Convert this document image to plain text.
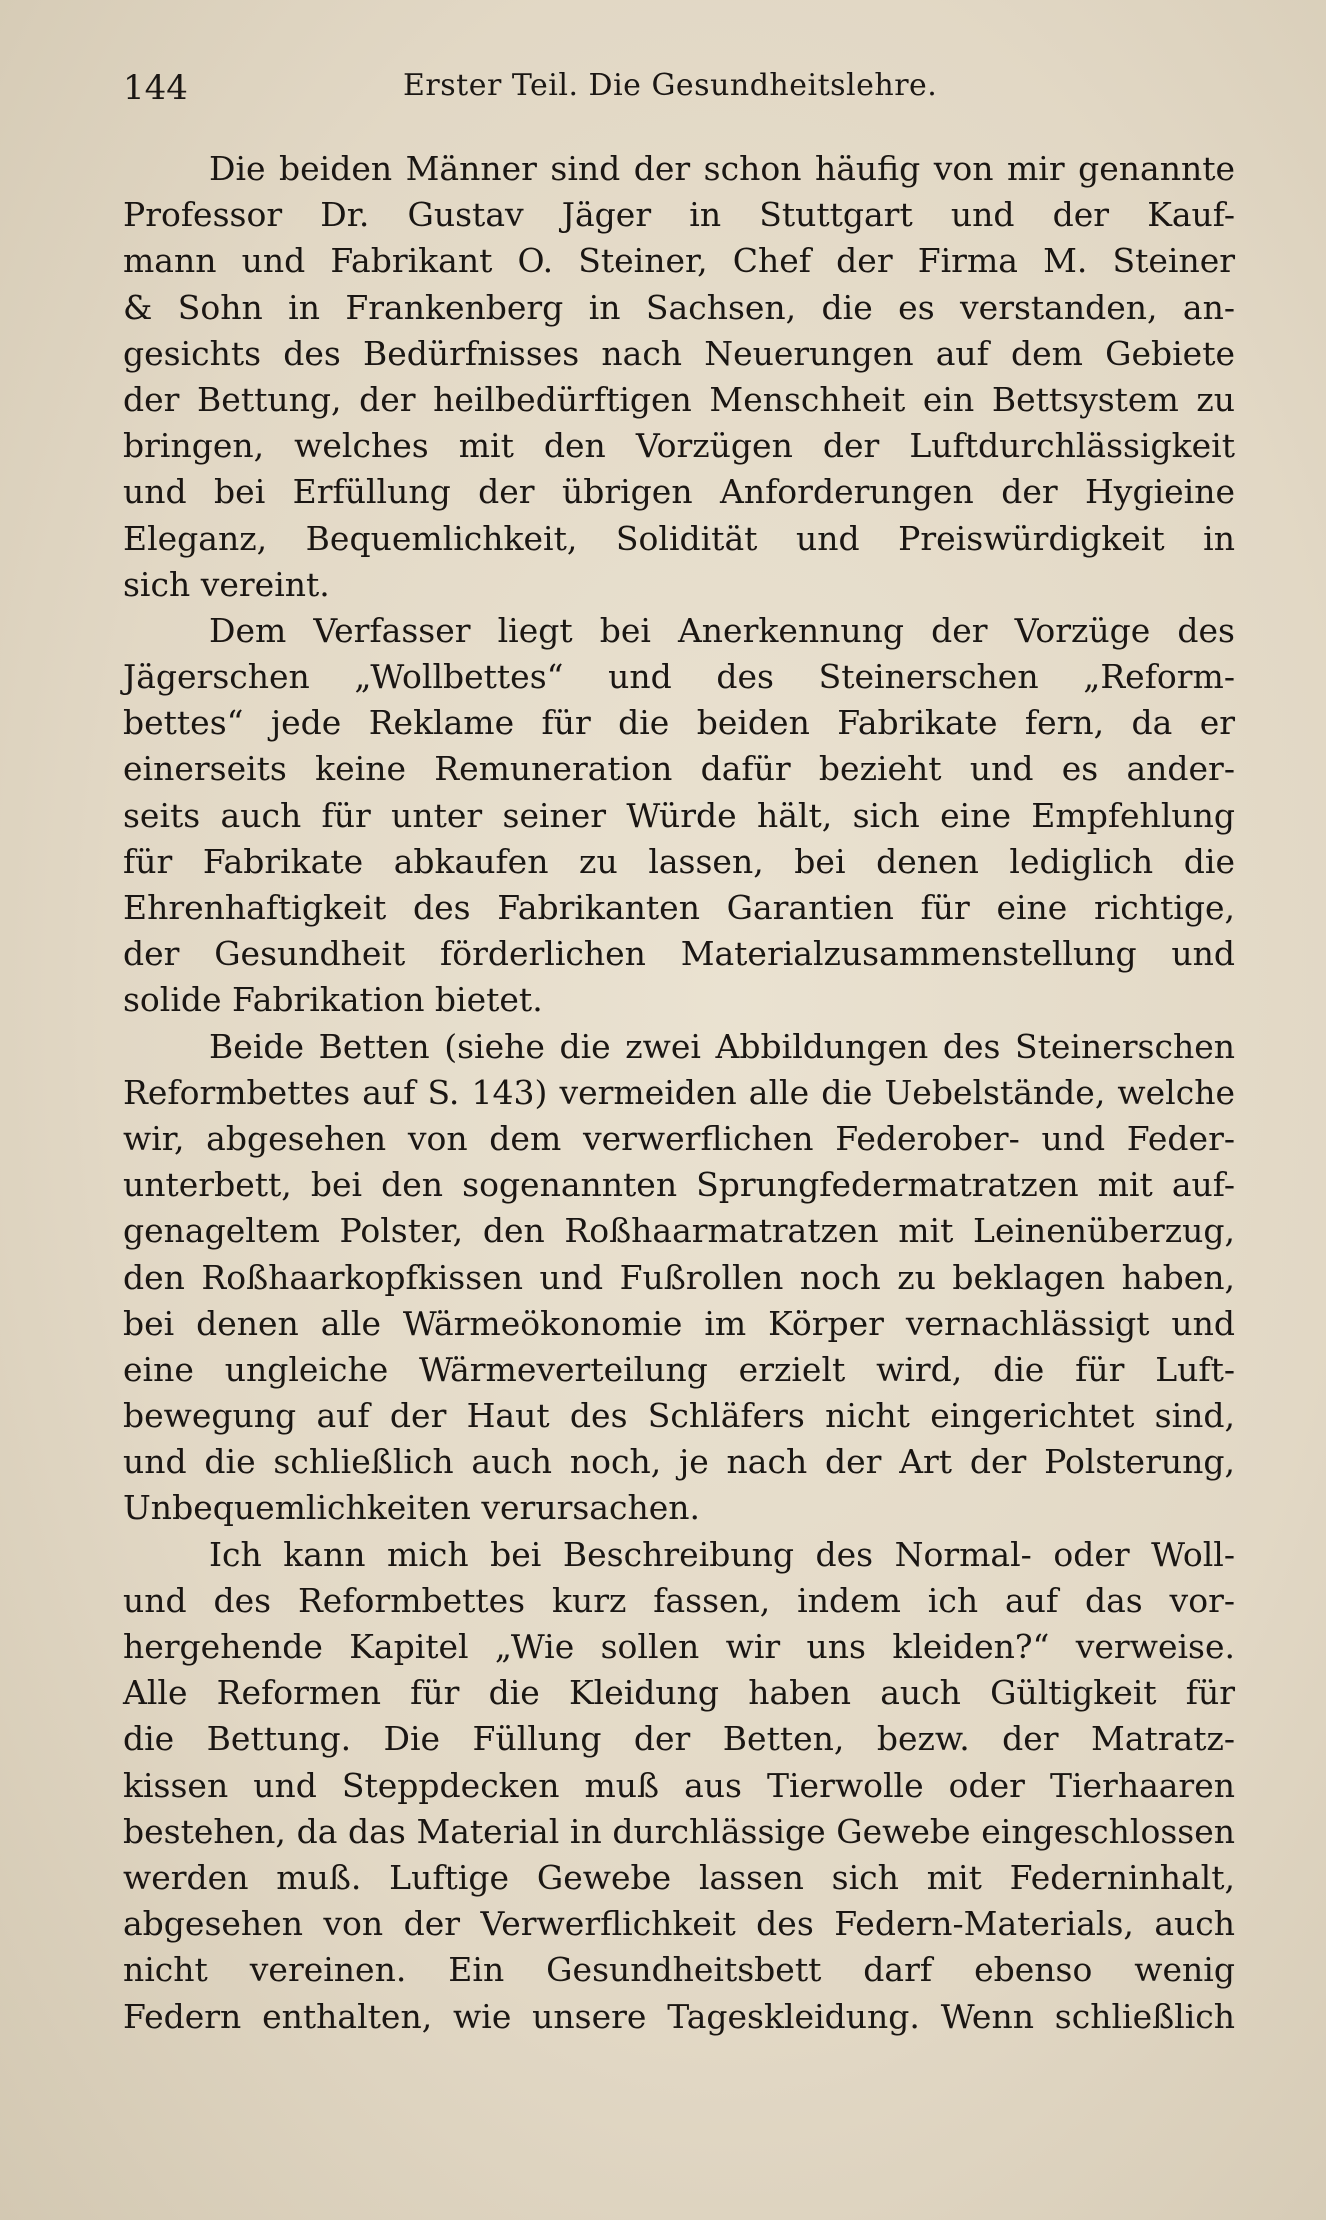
144	Erster Teil. Die Gesundheitslehre.
Die beiden Männer sind der schon häufig von mir genannte
Professor Dr. Gustav Jäger in Stuttgart und der Kauf-
mann und Fabrikant O. Steiner, Chef der Firma M. Steiner
& Sohn in Frankenberg in Sachsen, die es verstanden, an-
gesichts des Bedürfnisses nach Neuerungen auf dem Gebiete
der Bettung, der heilbedürftigen Menschheit ein Bettsystem zu
bringen, welches mit den Vorzügen der Luftdurchlässigkeit
und bei Erfüllung der übrigen Anforderungen der Hygieine
Eleganz, Bequemlichkeit, Solidität und Preiswürdigkeit in
sich vereint.
Dem Verfasser liegt bei Anerkennung der Vorzüge des
Jägerschen „Wollbettes“ und des Steinerschen „Reform-
bettes“ jede Reklame für die beiden Fabrikate fern, da er
einerseits keine Remuneration dafür bezieht und es ander-
seits auch für unter seiner Würde hält, sich eine Empfehlung
für Fabrikate abkaufen zu lassen, bei denen lediglich die
Ehrenhaftigkeit des Fabrikanten Garantien für eine richtige,
der Gesundheit förderlichen Materialzusammenstellung und
solide Fabrikation bietet.
Beide Betten (siehe die zwei Abbildungen des Steinerschen
Reformbettes auf S. 143) vermeiden alle die Uebelstände, welche
wir, abgesehen von dem verwerflichen Federober- und Feder-
unterbett, bei den sogenannten Sprungfedermatratzen mit auf-
genageltem Polster, den Roßhaarmatratzen mit Leinenüberzug,
den Roßhaarkopfkissen und Fußrollen noch zu beklagen haben,
bei denen alle Wärmeökonomie im Körper vernachlässigt und
eine ungleiche Wärmeverteilung erzielt wird, die für Luft-
bewegung auf der Haut des Schläfers nicht eingerichtet sind,
und die schließlich auch noch, je nach der Art der Polsterung,
Unbequemlichkeiten verursachen.
Ich kann mich bei Beschreibung des Normal- oder Woll-
und des Reformbettes kurz fassen, indem ich auf das vor-
hergehende Kapitel „Wie sollen wir uns kleiden?“ verweise.
Alle Reformen für die Kleidung haben auch Gültigkeit für
die Bettung. Die Füllung der Betten, bezw. der Matratz-
kissen und Steppdecken muß aus Tierwolle oder Tierhaaren
bestehen, da das Material in durchlässige Gewebe eingeschlossen
werden muß. Luftige Gewebe lassen sich mit Federninhalt,
abgesehen von der Verwerflichkeit des Federn-Materials, auch
nicht vereinen. Ein Gesundheitsbett darf ebenso wenig
Federn enthalten, wie unsere Tageskleidung. Wenn schließlich
